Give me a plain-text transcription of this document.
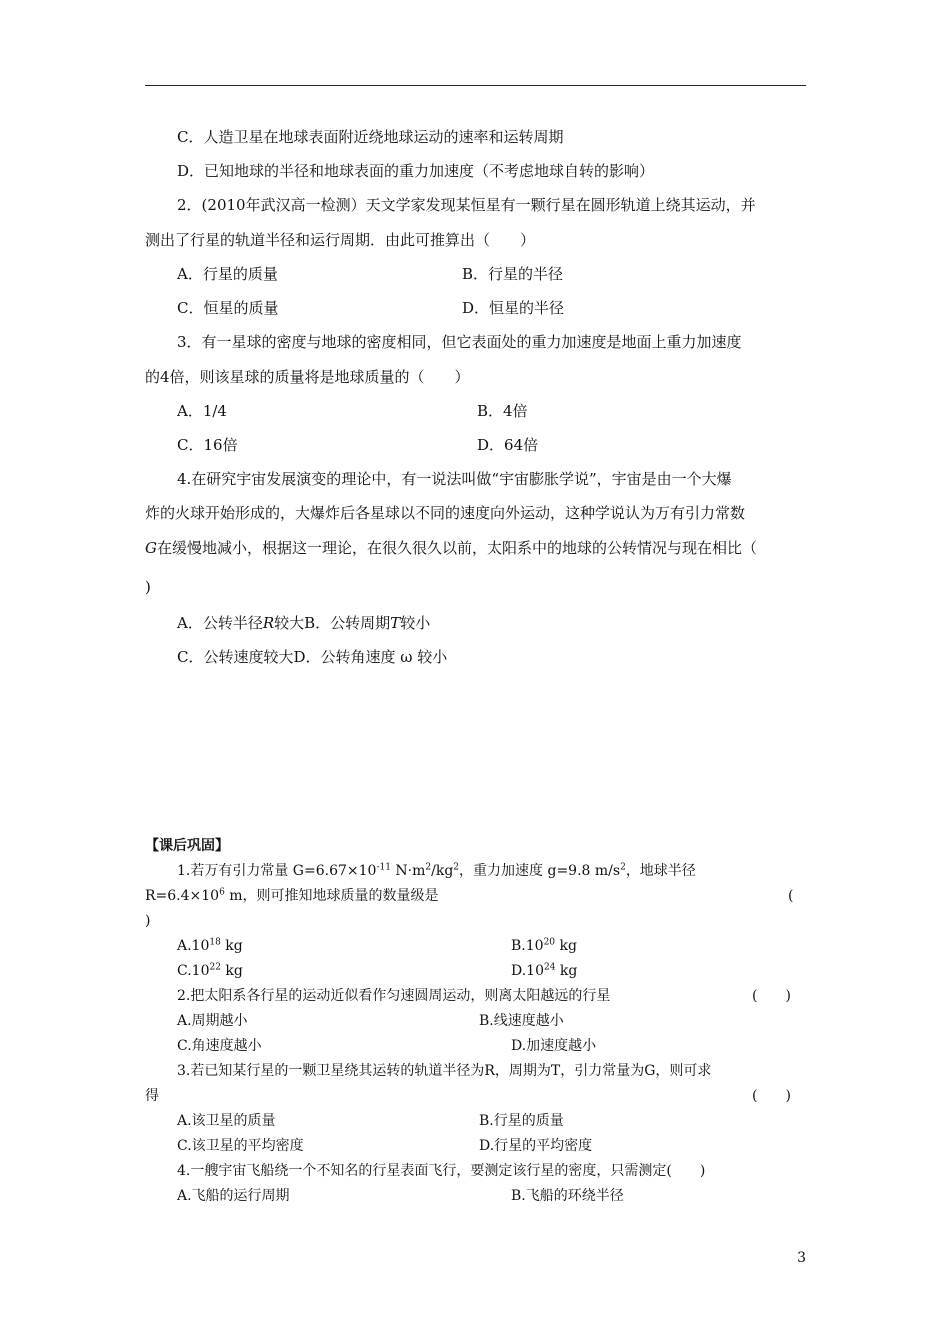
C．人造卫星在地球表面附近绕地球运动的速率和运转周期
D．已知地球的半径和地球表面的重力加速度（不考虑地球自转的影响）
2．(2010年武汉高一检测）天文学家发现某恒星有一颗行星在圆形轨道上绕其运动，并
测出了行星的轨道半径和运行周期．由此可推算出（　　）
A．行星的质量	B．行星的半径
C．恒星的质量	D．恒星的半径
3．有一星球的密度与地球的密度相同，但它表面处的重力加速度是地面上重力加速度
的4倍，则该星球的质量将是地球质量的（　　）
A．1/4	B．4倍
C．16倍	D．64倍
4.在研究宇宙发展演变的理论中，有一说法叫做“宇宙膨胀学说”，宇宙是由一个大爆
炸的火球开始形成的，大爆炸后各星球以不同的速度向外运动，这种学说认为万有引力常数
G在缓慢地减小，根据这一理论，在很久很久以前，太阳系中的地球的公转情况与现在相比（
)
A．公转半径R较大B．公转周期T较小
C．公转速度较大D．公转角速度 ω 较小
【课后巩固】
1.若万有引力常量 $G=6.67\times 10^{-11}$ $N\cdot m^2/kg^2$，重力加速度 g=9.8 $m/s^2$，地球半径
$R=6.4\times 10^6$ m，则可推知地球质量的数量级是	(
)
$A.10^{18}$ kg	$B.10^{20}$ kg
$C.10^{22}$ kg	$D.10^{24}$ kg
2.把太阳系各行星的运动近似看作匀速圆周运动，则离太阳越远的行星	(　　)
A.周期越小	B.线速度越小
C.角速度越小	D.加速度越小
3.若已知某行星的一颗卫星绕其运转的轨道半径为R，周期为T，引力常量为G，则可求
得	(　　)
A.该卫星的质量	B.行星的质量
C.该卫星的平均密度	D.行星的平均密度
4.一艘宇宙飞船绕一个不知名的行星表面飞行，要测定该行星的密度，只需测定(　　)
A.飞船的运行周期	B.飞船的环绕半径
3
